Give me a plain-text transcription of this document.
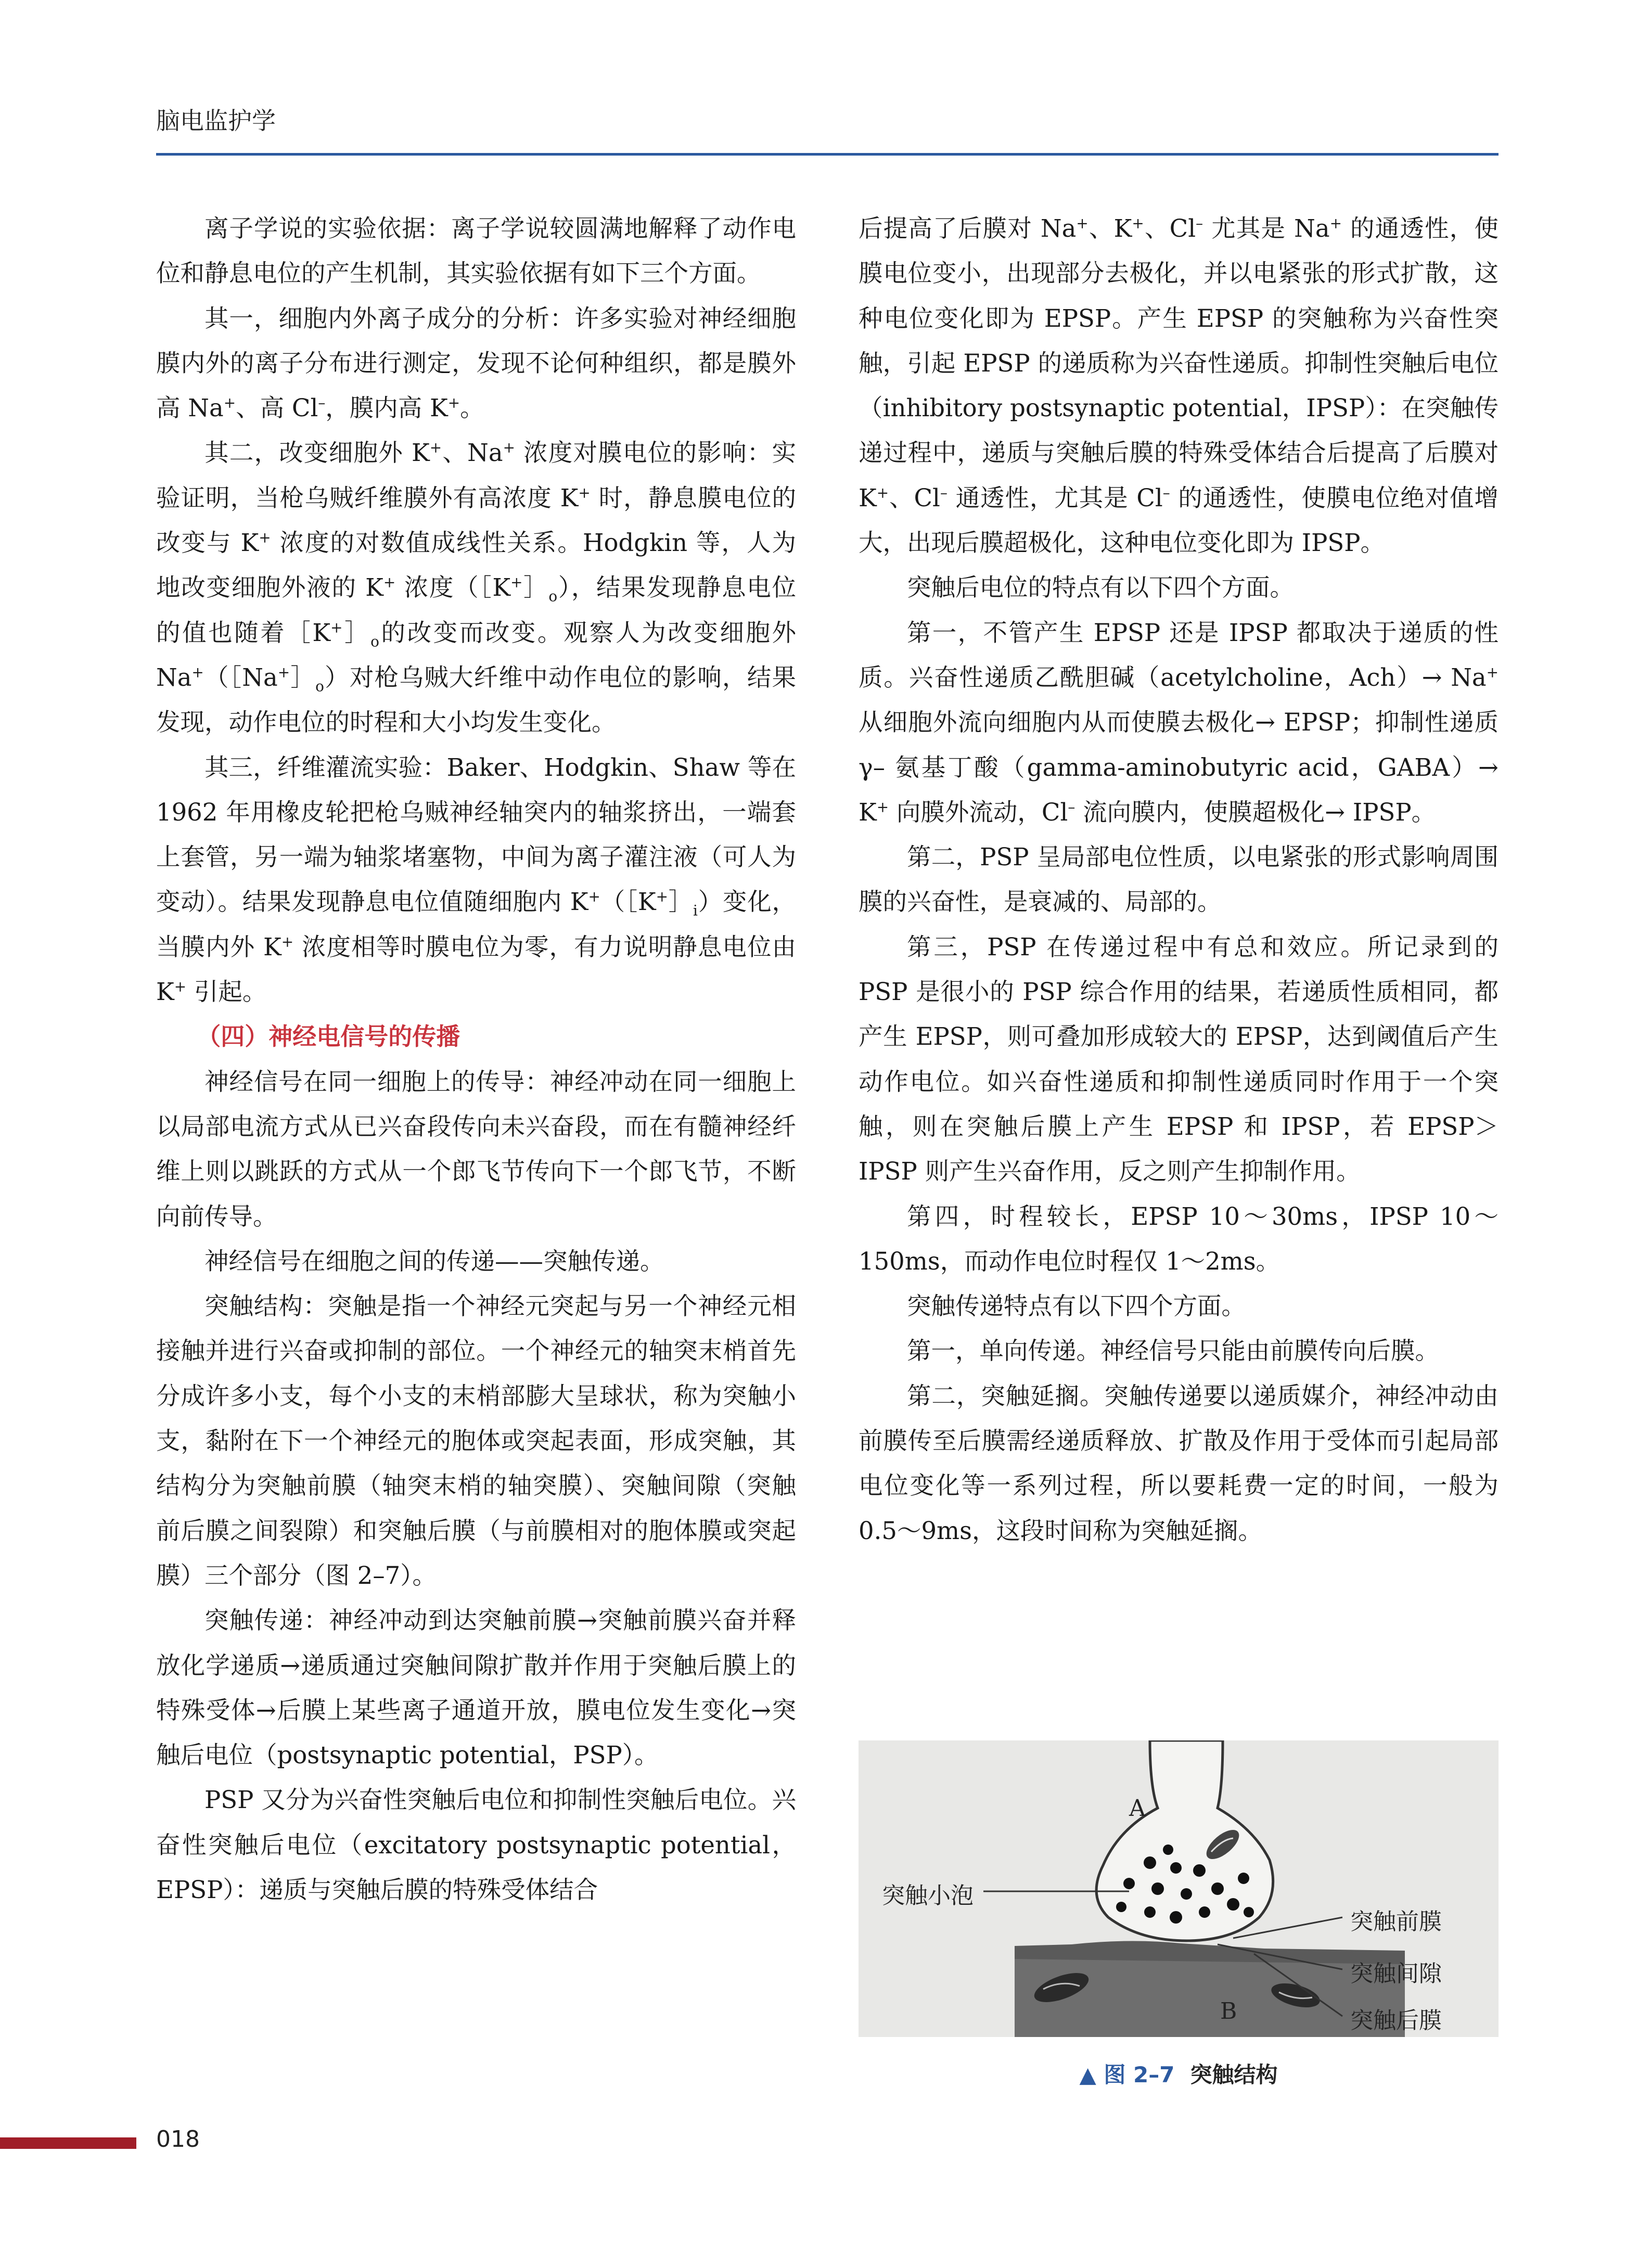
脑电监护学

离子学说的实验依据：离子学说较圆满地解释了动作电位和静息电位的产生机制，其实验依据有如下三个方面。

其一，细胞内外离子成分的分析：许多实验对神经细胞膜内外的离子分布进行测定，发现不论何种组织，都是膜外高 Na+、高 Cl–，膜内高 K+。

其二，改变细胞外 K+、Na+ 浓度对膜电位的影响：实验证明，当枪乌贼纤维膜外有高浓度 K+ 时，静息膜电位的改变与 K+ 浓度的对数值成线性关系。Hodgkin 等，人为地改变细胞外液的 K+ 浓度$([K^+]_o)$，结果发现静息电位的值也随着$[K^+]_o$的改变而改变。观察人为改变细胞外 $Na^+([Na^+]_o)$对枪乌贼大纤维中动作电位的影响，结果发现，动作电位的时程和大小均发生变化。

其三，纤维灌流实验：Baker、Hodgkin、Shaw 等在 1962 年用橡皮轮把枪乌贼神经轴突内的轴浆挤出，一端套上套管，另一端为轴浆堵塞物，中间为离子灌注液（可人为变动）。结果发现静息电位值随细胞内 $K^+([K^+]_i)$变化，当膜内外 K+ 浓度相等时膜电位为零，有力说明静息电位由 K+ 引起。

（四）神经电信号的传播

神经信号在同一细胞上的传导：神经冲动在同一细胞上以局部电流方式从已兴奋段传向未兴奋段，而在有髓神经纤维上则以跳跃的方式从一个郎飞节传向下一个郎飞节，不断向前传导。

神经信号在细胞之间的传递——突触传递。

突触结构：突触是指一个神经元突起与另一个神经元相接触并进行兴奋或抑制的部位。一个神经元的轴突末梢首先分成许多小支，每个小支的末梢部膨大呈球状，称为突触小支，黏附在下一个神经元的胞体或突起表面，形成突触，其结构分为突触前膜（轴突末梢的轴突膜）、突触间隙（突触前后膜之间裂隙）和突触后膜（与前膜相对的胞体膜或突起膜）三个部分（图 2–7）。

突触传递：神经冲动到达突触前膜→突触前膜兴奋并释放化学递质→递质通过突触间隙扩散并作用于突触后膜上的特殊受体→后膜上某些离子通道开放，膜电位发生变化→突触后电位（postsynaptic potential，PSP）。

PSP 又分为兴奋性突触后电位和抑制性突触后电位。兴奋性突触后电位（excitatory postsynaptic potential，EPSP）：递质与突触后膜的特殊受体结合

后提高了后膜对 Na+、K+、Cl– 尤其是 Na+ 的通透性，使膜电位变小，出现部分去极化，并以电紧张的形式扩散，这种电位变化即为 EPSP。产生 EPSP 的突触称为兴奋性突触，引起 EPSP 的递质称为兴奋性递质。抑制性突触后电位（inhibitory postsynaptic potential，IPSP）：在突触传递过程中，递质与突触后膜的特殊受体结合后提高了后膜对 K+、Cl– 通透性，尤其是 Cl– 的通透性，使膜电位绝对值增大，出现后膜超极化，这种电位变化即为 IPSP。

突触后电位的特点有以下四个方面。

第一，不管产生 EPSP 还是 IPSP 都取决于递质的性质。兴奋性递质乙酰胆碱（acetylcholine，Ach）→ Na+ 从细胞外流向细胞内从而使膜去极化→ EPSP；抑制性递质 γ– 氨基丁酸（gamma-aminobutyric acid，GABA）→ K+ 向膜外流动，Cl– 流向膜内，使膜超极化→ IPSP。

第二，PSP 呈局部电位性质，以电紧张的形式影响周围膜的兴奋性，是衰减的、局部的。

第三，PSP 在传递过程中有总和效应。所记录到的 PSP 是很小的 PSP 综合作用的结果，若递质性质相同，都产生 EPSP，则可叠加形成较大的 EPSP，达到阈值后产生动作电位。如兴奋性递质和抑制性递质同时作用于一个突触，则在突触后膜上产生 EPSP 和 IPSP，若 EPSP＞IPSP 则产生兴奋作用，反之则产生抑制作用。

第四，时程较长，EPSP 10～30ms，IPSP 10～150ms，而动作电位时程仅 1～2ms。

突触传递特点有以下四个方面。

第一，单向传递。神经信号只能由前膜传向后膜。

第二，突触延搁。突触传递要以递质媒介，神经冲动由前膜传至后膜需经递质释放、扩散及作用于受体而引起局部电位变化等一系列过程，所以要耗费一定的时间，一般为 0.5～9ms，这段时间称为突触延搁。

A
B
突触小泡
突触前膜
突触间隙
突触后膜
▲ 图 2–7 突触结构
018
